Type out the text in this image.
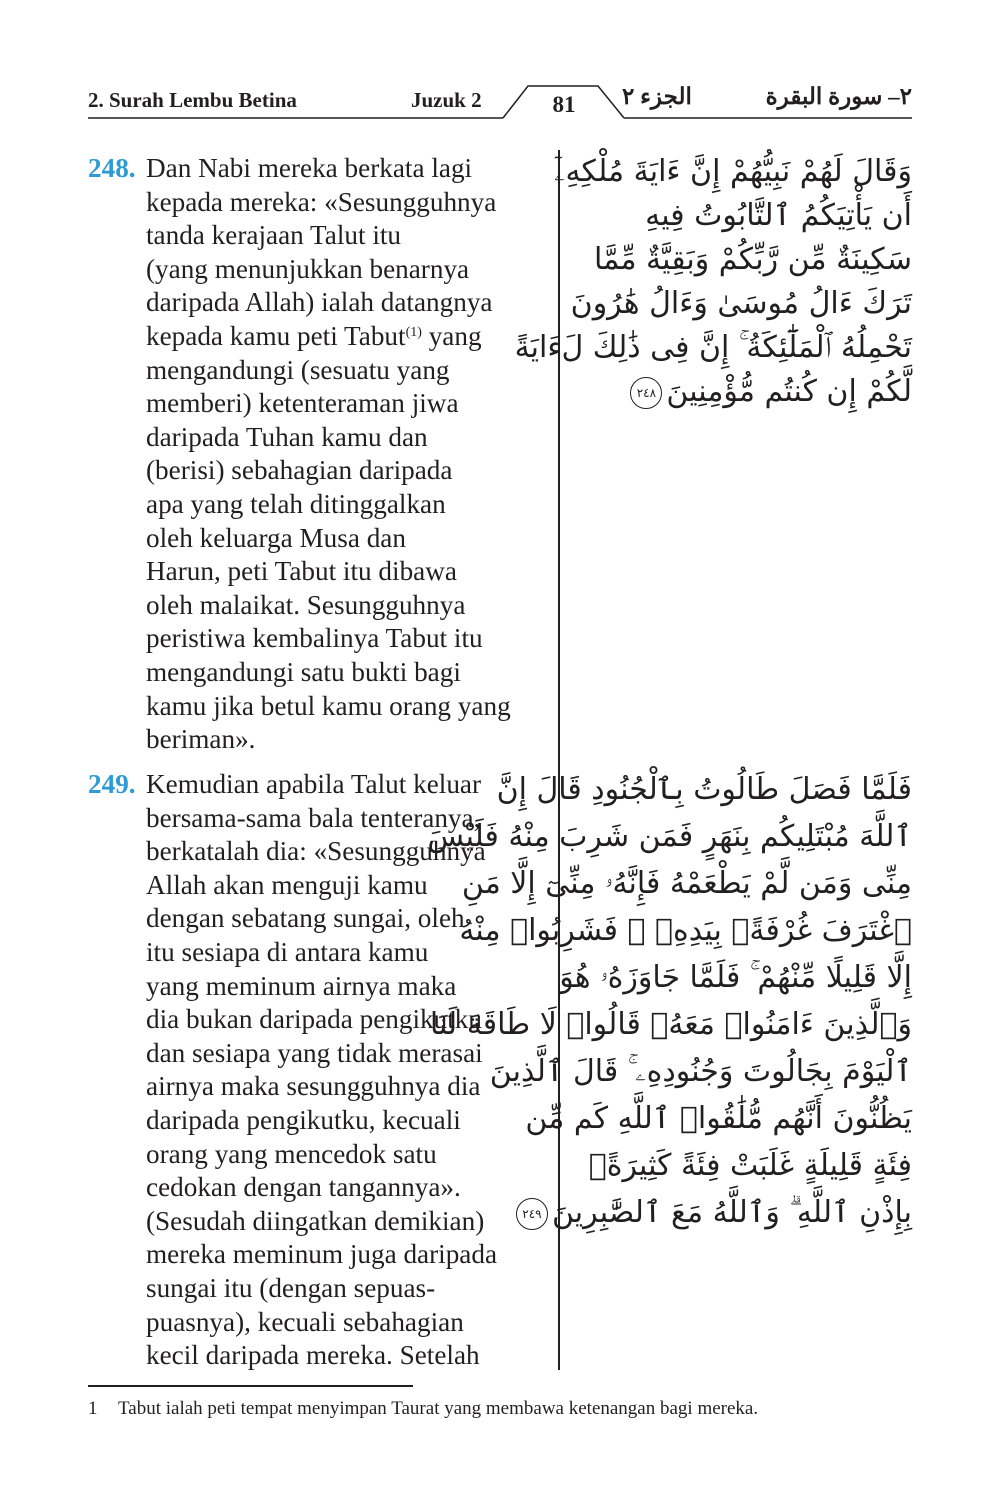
2. Surah Lembu Betina	Juzuk 2	81	الجزء ٢	٢– سورة البقرة
248. Dan Nabi mereka berkata lagi
kepada mereka: «Sesungguhnya
tanda kerajaan Talut itu
(yang menunjukkan benarnya
daripada Allah) ialah datangnya
kepada kamu peti Tabut$^{(1)}$ yang
mengandungi (sesuatu yang
memberi) ketenteraman jiwa
daripada Tuhan kamu dan
(berisi) sebahagian daripada
apa yang telah ditinggalkan
oleh keluarga Musa dan
Harun, peti Tabut itu dibawa
oleh malaikat. Sesungguhnya
peristiwa kembalinya Tabut itu
mengandungi satu bukti bagi
kamu jika betul kamu orang yang
beriman».
وَقَالَ لَهُمْ نَبِيُّهُمْ إِنَّ ءَايَةَ مُلْكِهِۦٓ
أَن يَأْتِيَكُمُ ٱلتَّابُوتُ فِيهِ
سَكِينَةٌ مِّن رَّبِّكُمْ وَبَقِيَّةٌ مِّمَّا
تَرَكَ ءَالُ مُوسَىٰ وَءَالُ هَٰرُونَ
تَحْمِلُهُ ٱلْمَلَٰٓئِكَةُ ۚ إِنَّ فِى ذَٰلِكَ لَءَايَةً
لَّكُمْ إِن كُنتُم مُّؤْمِنِينَ٢٤٨
249. Kemudian apabila Talut keluar
bersama-sama bala tenteranya,
berkatalah dia: «Sesungguhnya
Allah akan menguji kamu
dengan sebatang sungai, oleh
itu sesiapa di antara kamu
yang meminum airnya maka
dia bukan daripada pengikutku
dan sesiapa yang tidak merasai
airnya maka sesungguhnya dia
daripada pengikutku, kecuali
orang yang mencedok satu
cedokan dengan tangannya».
(Sesudah diingatkan demikian)
mereka meminum juga daripada
sungai itu (dengan sepuas-
puasnya), kecuali sebahagian
kecil daripada mereka. Setelah
فَلَمَّا فَصَلَ طَالُوتُ بِٱلْجُنُودِ قَالَ إِنَّ
ٱللَّهَ مُبْتَلِيكُم بِنَهَرٍ فَمَن شَرِبَ مِنْهُ فَلَيْسَ
مِنِّى وَمَن لَّمْ يَطْعَمْهُ فَإِنَّهُۥ مِنِّىٓ إِلَّا مَنِ
ٱغْتَرَفَ غُرْفَةًۢ بِيَدِهِۦ ۚ فَشَرِبُوا۟ مِنْهُ
إِلَّا قَلِيلًا مِّنْهُمْ ۚ فَلَمَّا جَاوَزَهُۥ هُوَ
وَٱلَّذِينَ ءَامَنُوا۟ مَعَهُۥ قَالُوا۟ لَا طَاقَةَ لَنَا
ٱلْيَوْمَ بِجَالُوتَ وَجُنُودِهِۦ ۚ قَالَ ٱلَّذِينَ
يَظُنُّونَ أَنَّهُم مُّلَٰقُوا۟ ٱللَّهِ كَم مِّن
فِئَةٍ قَلِيلَةٍ غَلَبَتْ فِئَةً كَثِيرَةًۢ
بِإِذْنِ ٱللَّهِ ۗ وَٱللَّهُ مَعَ ٱلصَّٰبِرِينَ٢٤٩
1 Tabut ialah peti tempat menyimpan Taurat yang membawa ketenangan bagi mereka.
